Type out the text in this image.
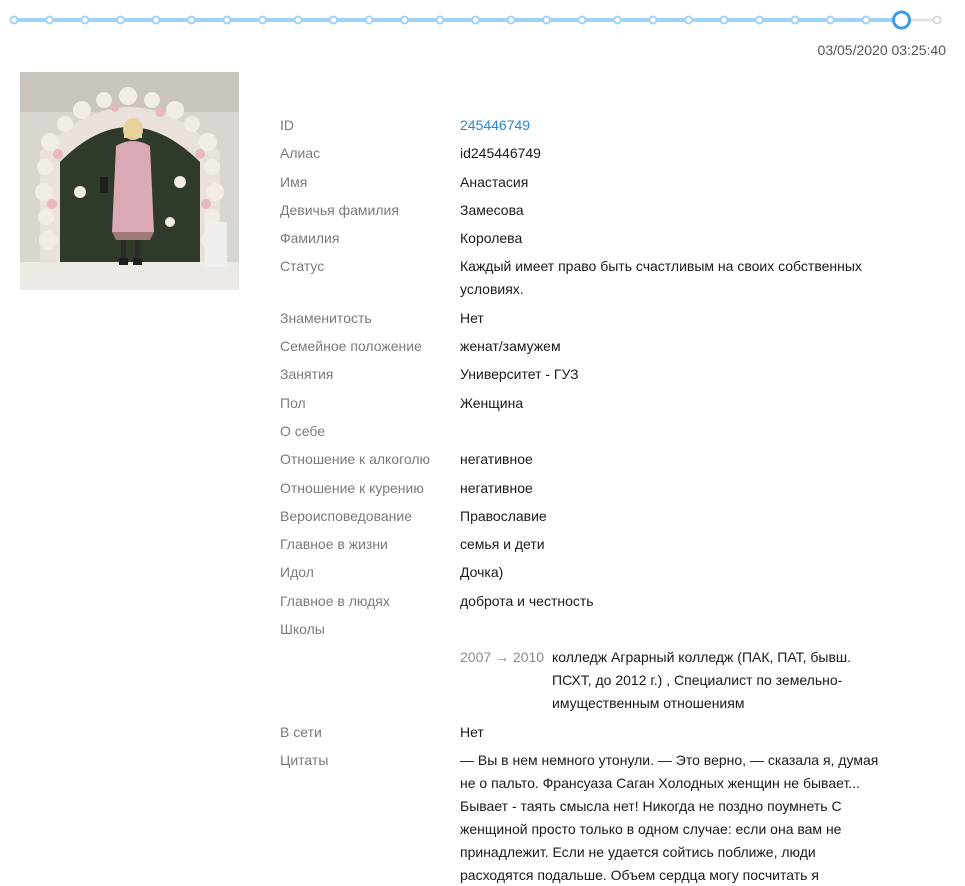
03/05/2020 03:25:40
ID	245446749
Алиас	id245446749
Имя	Анастасия
Девичья фамилия	Замесова
Фамилия	Королева
Статус	Каждый имеет право быть счастливым на своих собственных условиях.
Знаменитость	Нет
Семейное положение	женат/замужем
Занятия	Университет - ГУЗ
Пол	Женщина
О себе
Отношение к алкоголю	негативное
Отношение к курению	негативное
Вероисповедование	Православие
Главное в жизни	семья и дети
Идол	Дочка)
Главное в людях	доброта и честность
Школы
2007 → 2010 колледж Аграрный колледж (ПАК, ПАТ, бывш. ПСХТ, до 2012 г.) , Специалист по земельно-имущественным отношениям
В сети	Нет
Цитаты	— Вы в нем немного утонули. — Это верно, — сказала я, думая не о пальто. Франсуаза Саган Холодных женщин не бывает... Бывает - таять смысла нет! Никогда не поздно поумнеть С женщиной просто только в одном случае: если она вам не принадлежит. Если не удается сойтись поближе, люди расходятся подальше. Объем сердца могу посчитать я
